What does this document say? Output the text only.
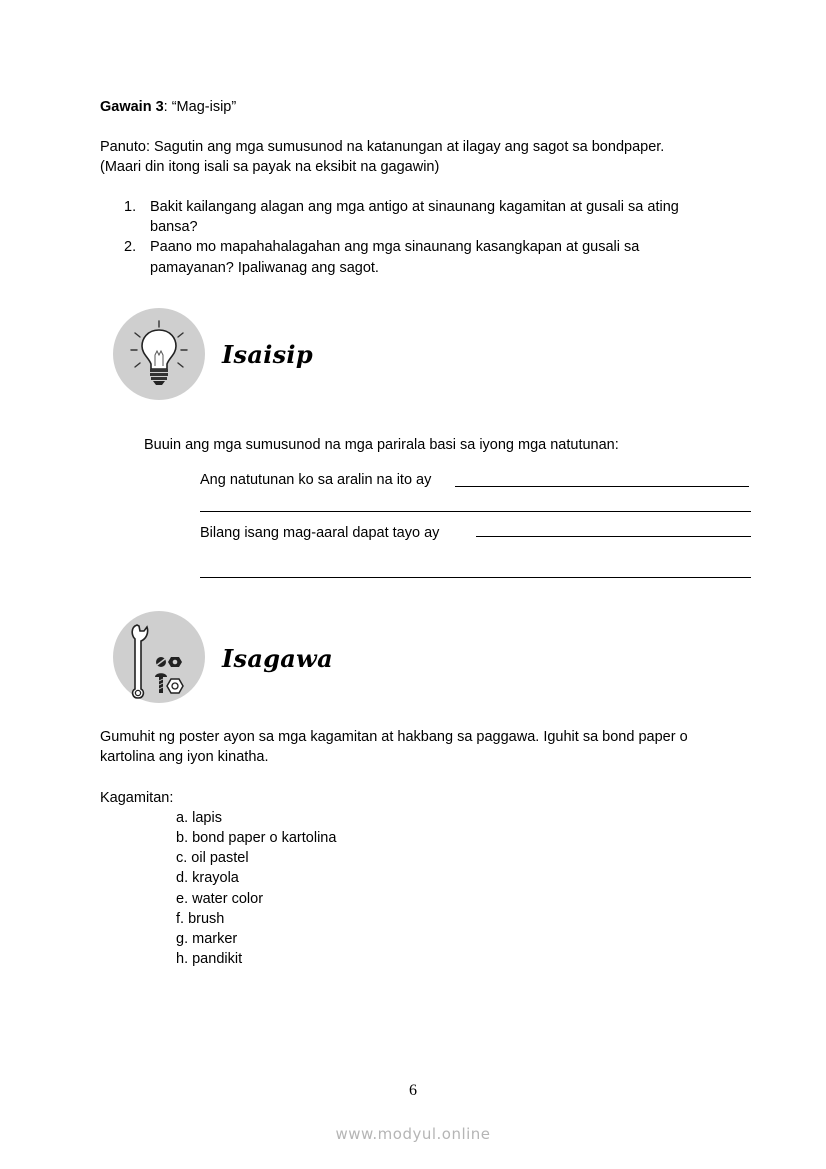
Gawain 3: “Mag-isip”
Panuto: Sagutin ang mga sumusunod na katanungan at ilagay ang sagot sa bondpaper.
(Maari din itong isali sa payak na eksibit na gagawin)
1. Bakit kailangang alagan ang mga antigo at sinaunang kagamitan at gusali sa ating
bansa?
2. Paano mo mapahahalagahan ang mga sinaunang kasangkapan at gusali sa
pamayanan? Ipaliwanag ang sagot.
Isaisip
Buuin ang mga sumusunod na mga parirala basi sa iyong mga natutunan:
Ang natutunan ko sa aralin na ito ay
Bilang isang mag-aaral dapat tayo ay
Isagawa
Gumuhit ng poster ayon sa mga kagamitan at hakbang sa paggawa. Iguhit sa bond paper o
kartolina ang iyon kinatha.
Kagamitan:
a. lapis
b. bond paper o kartolina
c. oil pastel
d. krayola
e. water color
f. brush
g. marker
h. pandikit
6
www.modyul.online
